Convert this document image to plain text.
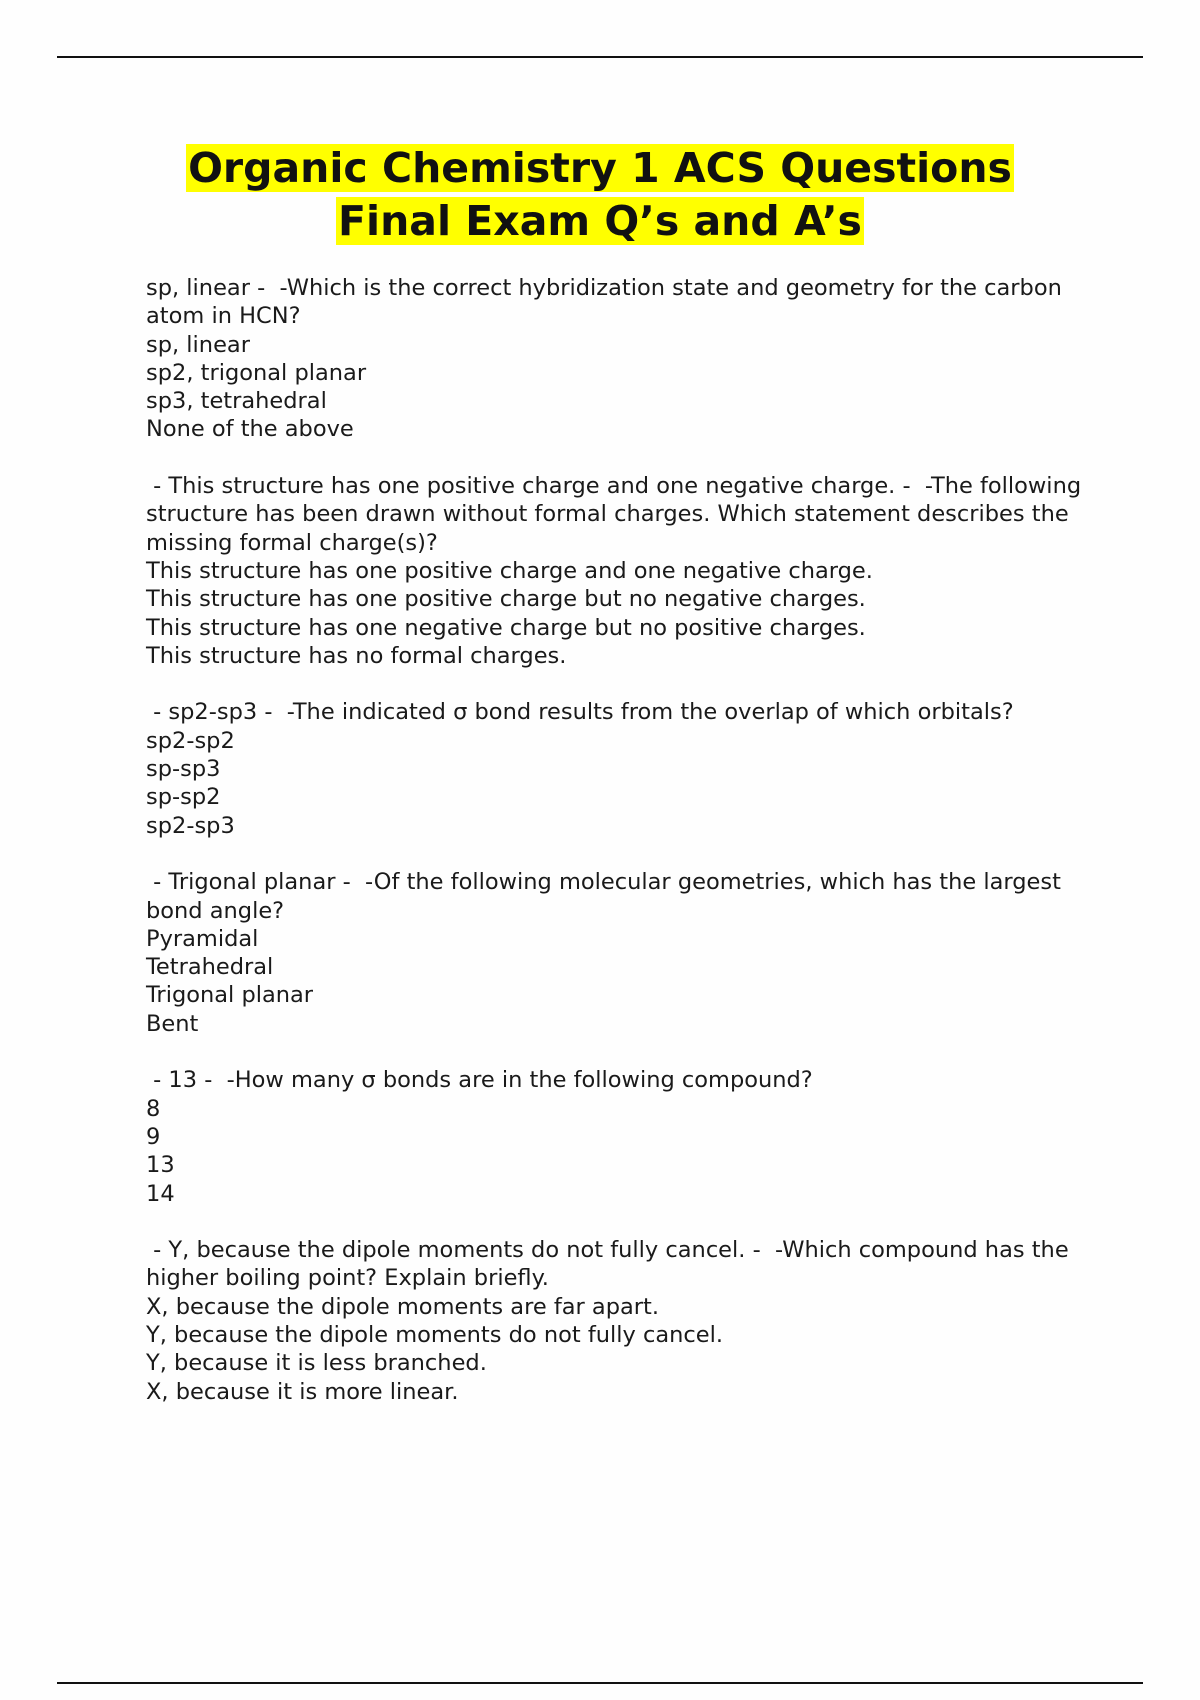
Organic Chemistry 1 ACS Questions
Final Exam Q’s and A’s

sp, linear -  -Which is the correct hybridization state and geometry for the carbon atom in HCN?

sp, linear

sp2, trigonal planar

sp3, tetrahedral

None of the above

- This structure has one positive charge and one negative charge. -  -The following structure has been drawn without formal charges. Which statement describes the missing formal charge(s)?

This structure has one positive charge and one negative charge.

This structure has one positive charge but no negative charges.

This structure has one negative charge but no positive charges.

This structure has no formal charges.

- sp2-sp3 -  -The indicated σ bond results from the overlap of which orbitals?

sp2-sp2

sp-sp3

sp-sp2

sp2-sp3

- Trigonal planar -  -Of the following molecular geometries, which has the largest bond angle?

Pyramidal

Tetrahedral

Trigonal planar

Bent

- 13 -  -How many σ bonds are in the following compound?

8

9

13

14

- Y, because the dipole moments do not fully cancel. -  -Which compound has the higher boiling point? Explain briefly.

X, because the dipole moments are far apart.

Y, because the dipole moments do not fully cancel.

Y, because it is less branched.

X, because it is more linear.
